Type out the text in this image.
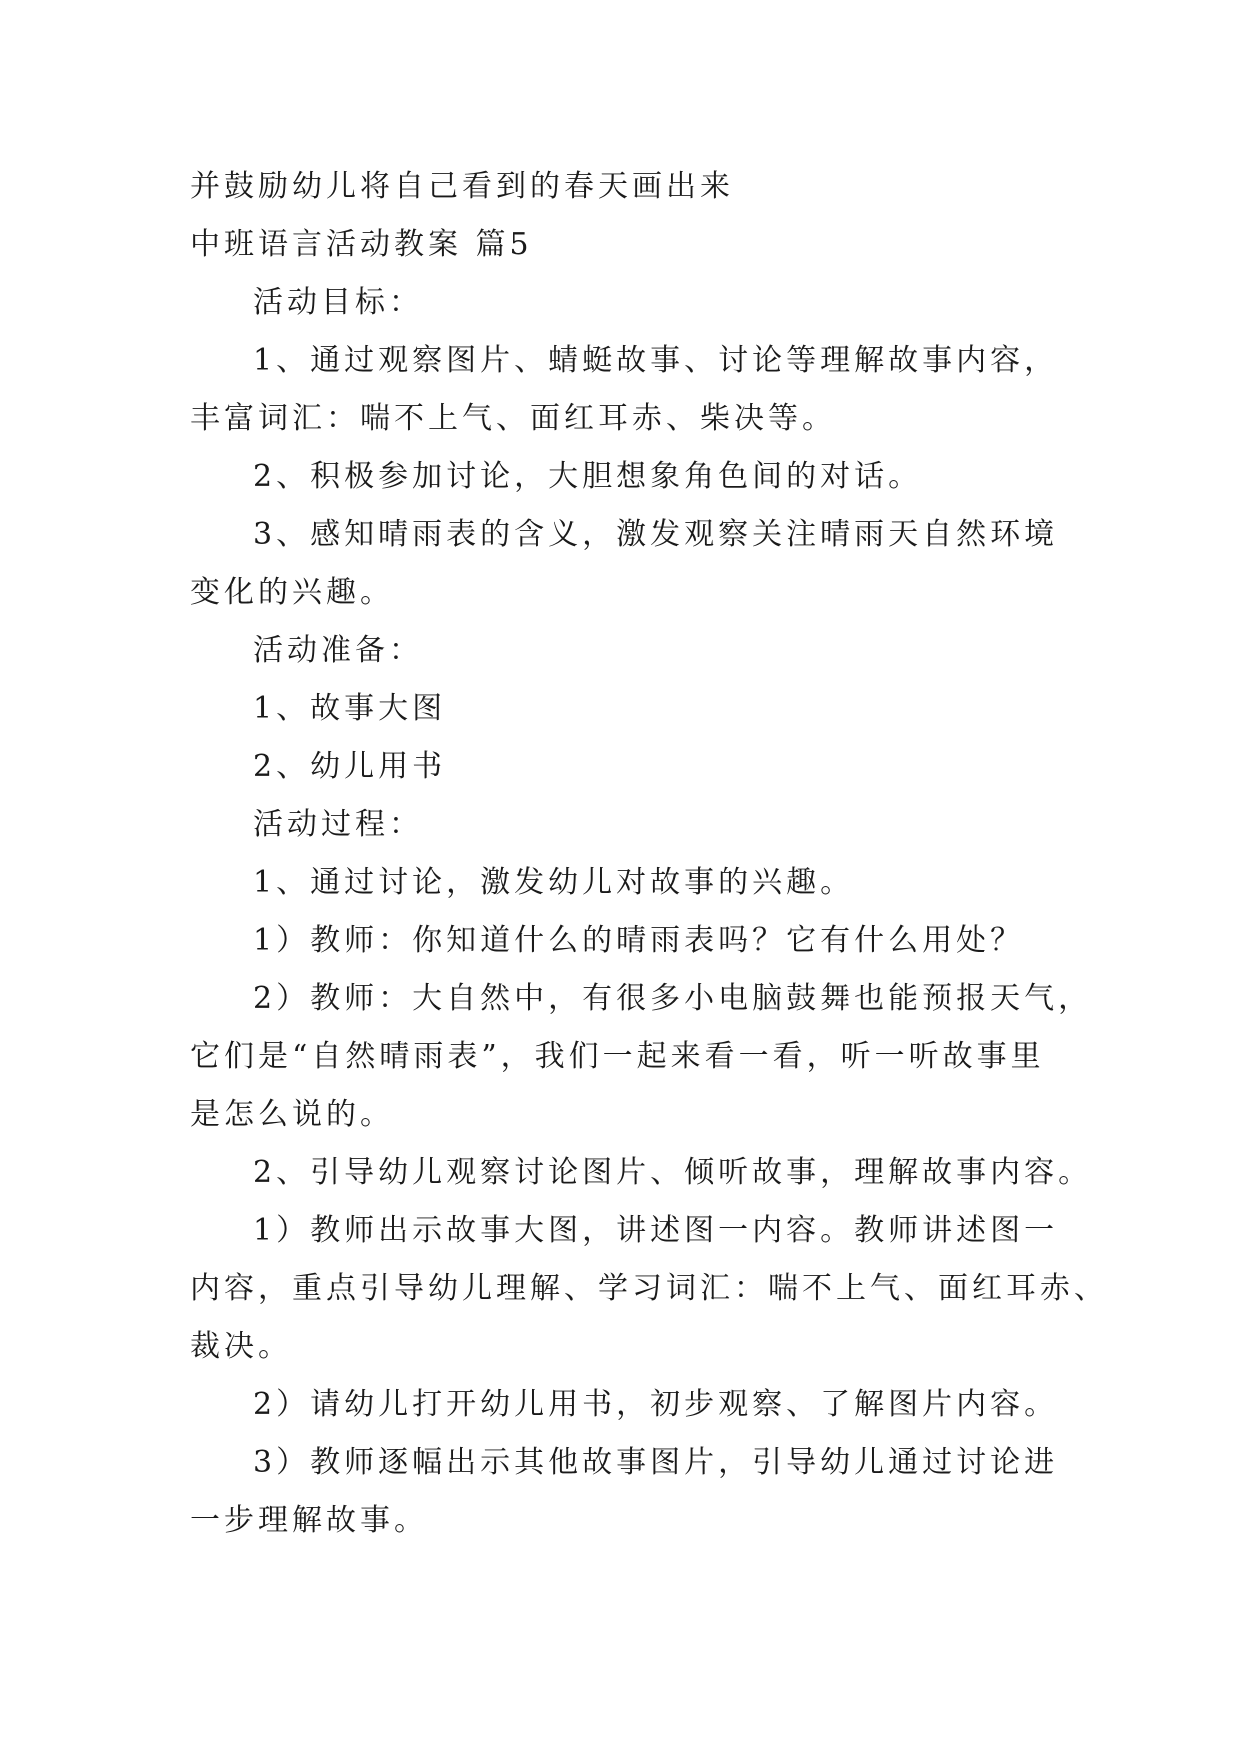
并鼓励幼儿将自己看到的春天画出来
中班语言活动教案 篇5
活动目标：
1、通过观察图片、蜻蜓故事、讨论等理解故事内容，
丰富词汇：喘不上气、面红耳赤、柴决等。
2、积极参加讨论，大胆想象角色间的对话。
3、感知晴雨表的含义，激发观察关注晴雨天自然环境
变化的兴趣。
活动准备：
1、故事大图
2、幼儿用书
活动过程：
1、通过讨论，激发幼儿对故事的兴趣。
1）教师：你知道什么的晴雨表吗？它有什么用处？
2）教师：大自然中，有很多小电脑鼓舞也能预报天气，
它们是“自然晴雨表”，我们一起来看一看，听一听故事里
是怎么说的。
2、引导幼儿观察讨论图片、倾听故事，理解故事内容。
1）教师出示故事大图，讲述图一内容。教师讲述图一
内容，重点引导幼儿理解、学习词汇：喘不上气、面红耳赤、
裁决。
2）请幼儿打开幼儿用书，初步观察、了解图片内容。
3）教师逐幅出示其他故事图片，引导幼儿通过讨论进
一步理解故事。
